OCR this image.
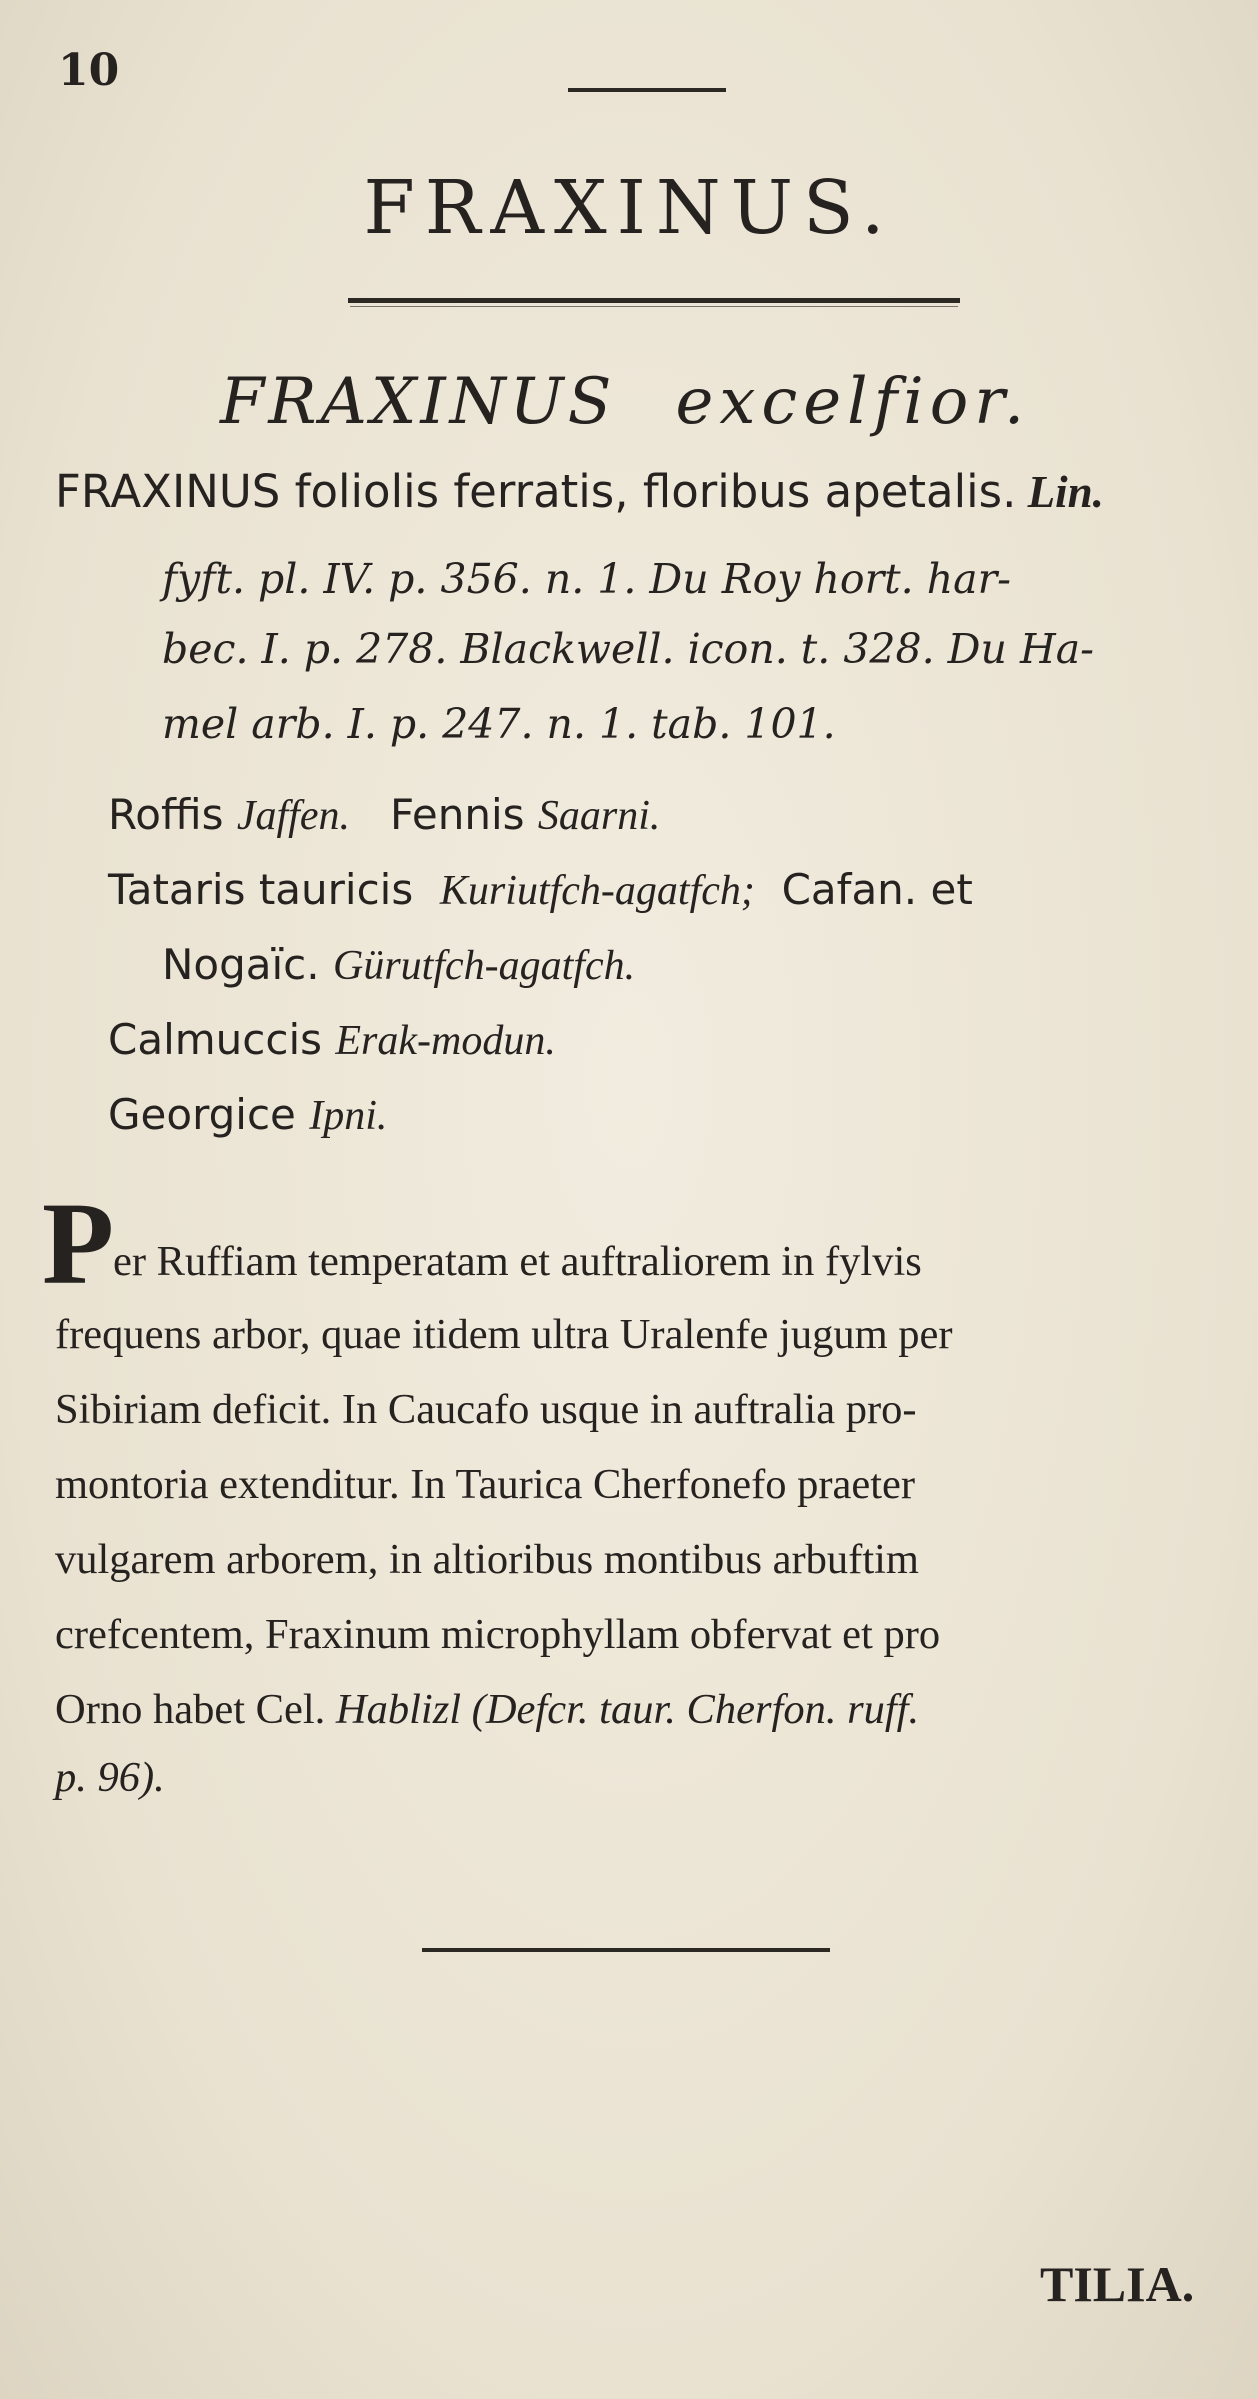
10
FRAXINUS.
FRAXINUS excelfior.
FRAXINUS foliolis ferratis, floribus apetalis. Lin.
fyft. pl. IV. p. 356. n. 1. Du Roy hort. har-
bec. I. p. 278. Blackwell. icon. t. 328. Du Ha-
mel arb. I. p. 247. n. 1. tab. 101.
Roffis Jaffen. Fennis Saarni.
Tataris tauricis Kuriutfch-agatfch; Cafan. et
Nogaïc. Gürutfch-agatfch.
Calmuccis Erak-modun.
Georgice Ipni.
P
er Ruffiam temperatam et auftraliorem in fylvis
frequens arbor, quae itidem ultra Uralenfe jugum per
Sibiriam deficit. In Caucafo usque in auftralia pro-
montoria extenditur. In Taurica Cherfonefo praeter
vulgarem arborem, in altioribus montibus arbuftim
crefcentem, Fraxinum microphyllam obfervat et pro
Orno habet Cel. Hablizl (Defcr. taur. Cherfon. ruff.
p. 96).
TILIA.
